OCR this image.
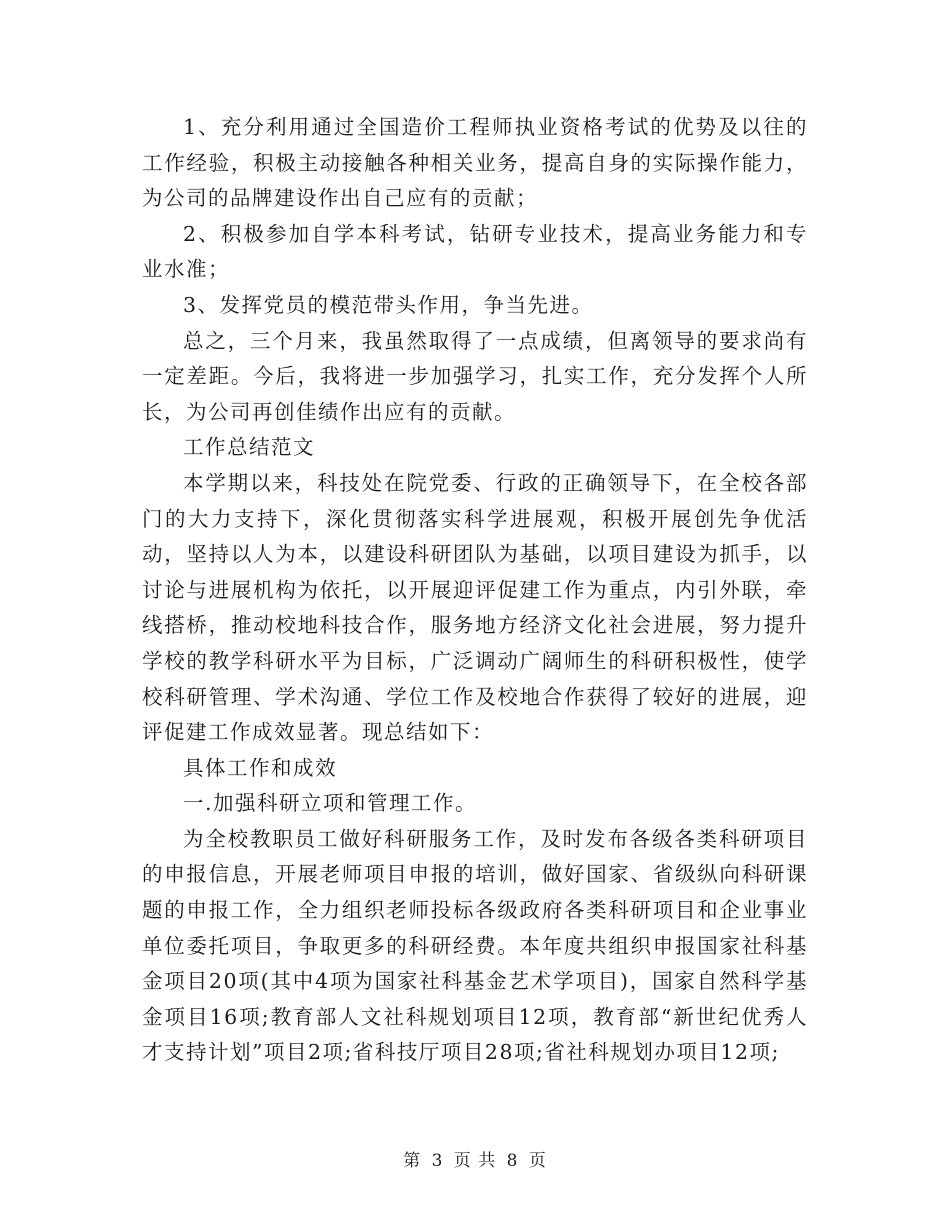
1、充分利用通过全国造价工程师执业资格考试的优势及以往的工作经验，积极主动接触各种相关业务，提高自身的实际操作能力，为公司的品牌建设作出自己应有的贡献；

2、积极参加自学本科考试，钻研专业技术，提高业务能力和专业水准；

3、发挥党员的模范带头作用，争当先进。

总之，三个月来，我虽然取得了一点成绩，但离领导的要求尚有一定差距。今后，我将进一步加强学习，扎实工作，充分发挥个人所长，为公司再创佳绩作出应有的贡献。

工作总结范文

本学期以来，科技处在院党委、行政的正确领导下，在全校各部门的大力支持下，深化贯彻落实科学进展观，积极开展创先争优活动，坚持以人为本，以建设科研团队为基础，以项目建设为抓手，以讨论与进展机构为依托，以开展迎评促建工作为重点，内引外联，牵线搭桥，推动校地科技合作，服务地方经济文化社会进展，努力提升学校的教学科研水平为目标，广泛调动广阔师生的科研积极性，使学校科研管理、学术沟通、学位工作及校地合作获得了较好的进展，迎评促建工作成效显著。现总结如下：

具体工作和成效

一.加强科研立项和管理工作。

为全校教职员工做好科研服务工作，及时发布各级各类科研项目的申报信息，开展老师项目申报的培训，做好国家、省级纵向科研课题的申报工作，全力组织老师投标各级政府各类科研项目和企业事业单位委托项目，争取更多的科研经费。本年度共组织申报国家社科基金项目20项(其中4项为国家社科基金艺术学项目)，国家自然科学基金项目16项;教育部人文社科规划项目12项，教育部“新世纪优秀人才支持计划”项目2项;省科技厅项目28项;省社科规划办项目12项;

第 3 页 共 8 页
